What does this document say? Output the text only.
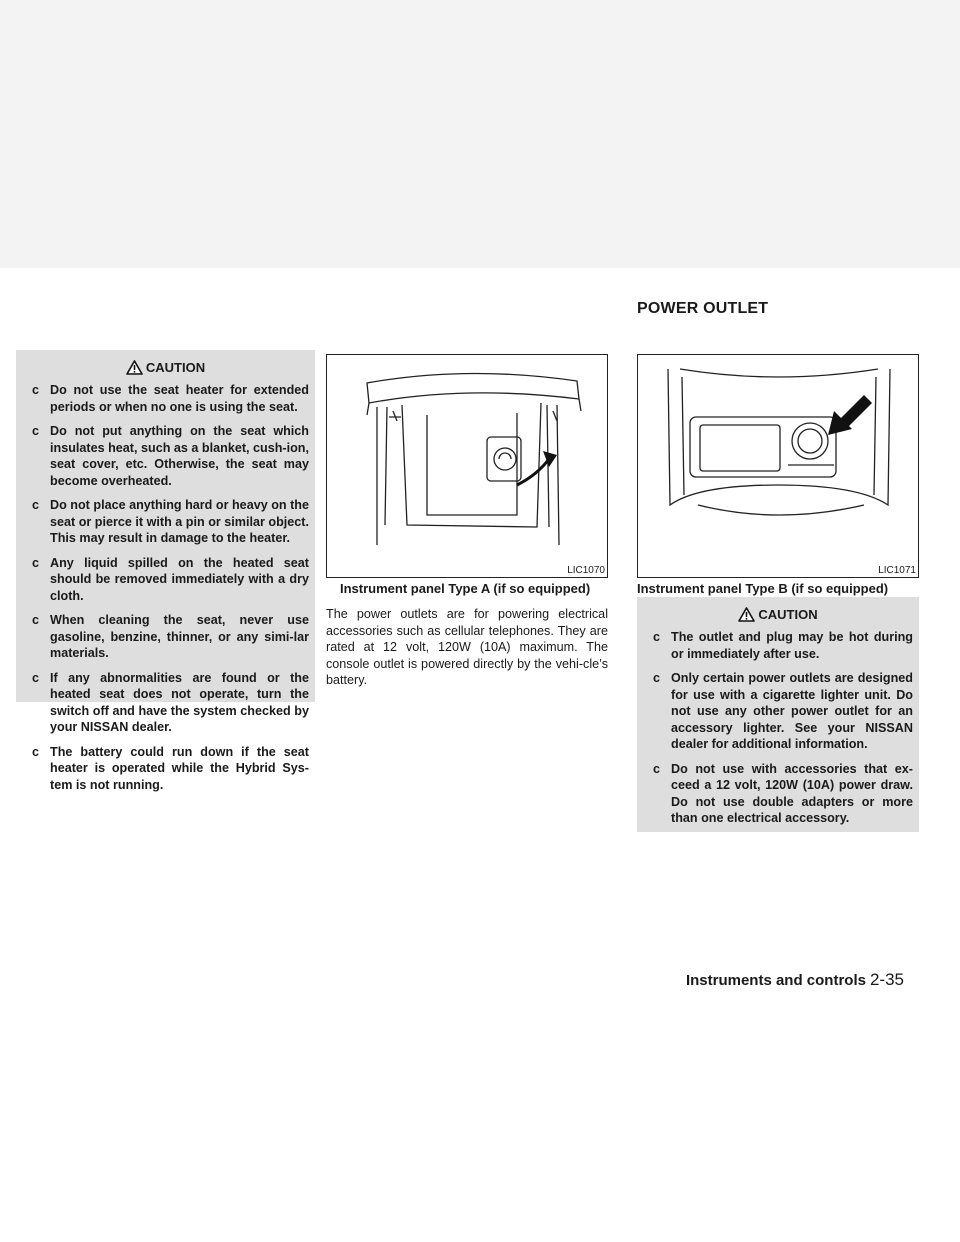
POWER OUTLET
CAUTION
c Do not use the seat heater for extended periods or when no one is using the seat.
c Do not put anything on the seat which insulates heat, such as a blanket, cush-ion, seat cover, etc. Otherwise, the seat may become overheated.
c Do not place anything hard or heavy on the seat or pierce it with a pin or similar object. This may result in damage to the heater.
c Any liquid spilled on the heated seat should be removed immediately with a dry cloth.
c When cleaning the seat, never use gasoline, benzine, thinner, or any simi-lar materials.
c If any abnormalities are found or the heated seat does not operate, turn the switch off and have the system checked by your NISSAN dealer.
c The battery could run down if the seat heater is operated while the Hybrid Sys-tem is not running.
LIC1070
Instrument panel Type A (if so equipped)

The power outlets are for powering electrical accessories such as cellular telephones. They are rated at 12 volt, 120W (10A) maximum. The console outlet is powered directly by the vehi-cle’s battery.

LIC1071
Instrument panel Type B (if so equipped)
CAUTION
c The outlet and plug may be hot during or immediately after use.
c Only certain power outlets are designed for use with a cigarette lighter unit. Do not use any other power outlet for an accessory lighter. See your NISSAN dealer for additional information.
c Do not use with accessories that ex-ceed a 12 volt, 120W (10A) power draw. Do not use double adapters or more than one electrical accessory.
Instruments and controls 2-35
